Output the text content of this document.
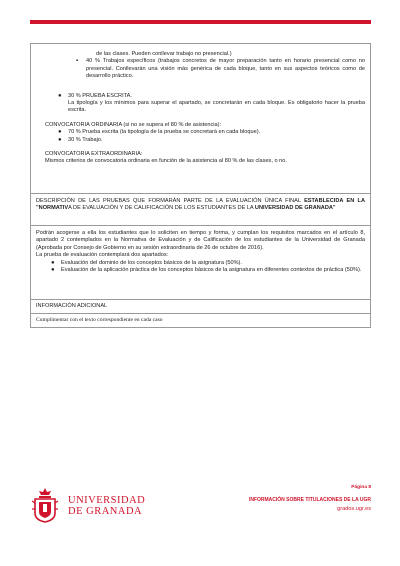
de las clases. Pueden conllevar trabajo no presencial.)

▪	40 % Trabajos específicos (trabajos concretos de mayor preparación tanto en horario presencial como no presencial. Conllevarán una visión más genérica de cada bloque, tanto en sus aspectos teóricos como de desarrollo práctico.

●	30 % PRUEBA ESCRITA.

La tipología y los mínimos para superar el apartado, se concretarán en cada bloque. Es obligatorio hacer la prueba escrita.

CONVOCATORIA ORDINARIA (si no se supera el 80 % de asistencia):

●	70 % Prueba escrita (la tipología de la prueba se concretará en cada bloque).

●	30 % Trabajo.

CONVOCATORIA EXTRAORDINARIA:

Mismos criterios de convocatoria ordinaria en función de la asistencia al 80 % de las clases, o no.

DESCRIPCIÓN DE LAS PRUEBAS QUE FORMARÁN PARTE DE LA EVALUACIÓN ÚNICA FINAL ESTABLECIDA EN LA "NORMATIVA DE EVALUACIÓN Y DE CALIFICACIÓN DE LOS ESTUDIANTES DE LA UNIVERSIDAD DE GRANADA"

Podrán acogerse a ella los estudiantes que lo soliciten en tiempo y forma, y cumplan los requisitos marcados en el artículo 8, apartado 2 contemplados en la Normativa de Evaluación y de Calificación de los estudiantes de la Universidad de Granada (Aprobada por Consejo de Gobierno en su sesión extraordinaria de 26 de octubre de 2016).

La prueba de evaluación contemplará dos apartados:

●	Evaluación del dominio de los conceptos básicos de la asignatura (50%).

●	Evaluación de la aplicación práctica de los conceptos básicos de la asignatura en diferentes contextos de práctica (50%).

INFORMACIÓN ADICIONAL

Cumplimentar con el texto correspondiente en cada caso

UNIVERSIDAD
DE GRANADA
Página 8
INFORMACIÓN SOBRE TITULACIONES DE LA UGR
grados.ugr.es
